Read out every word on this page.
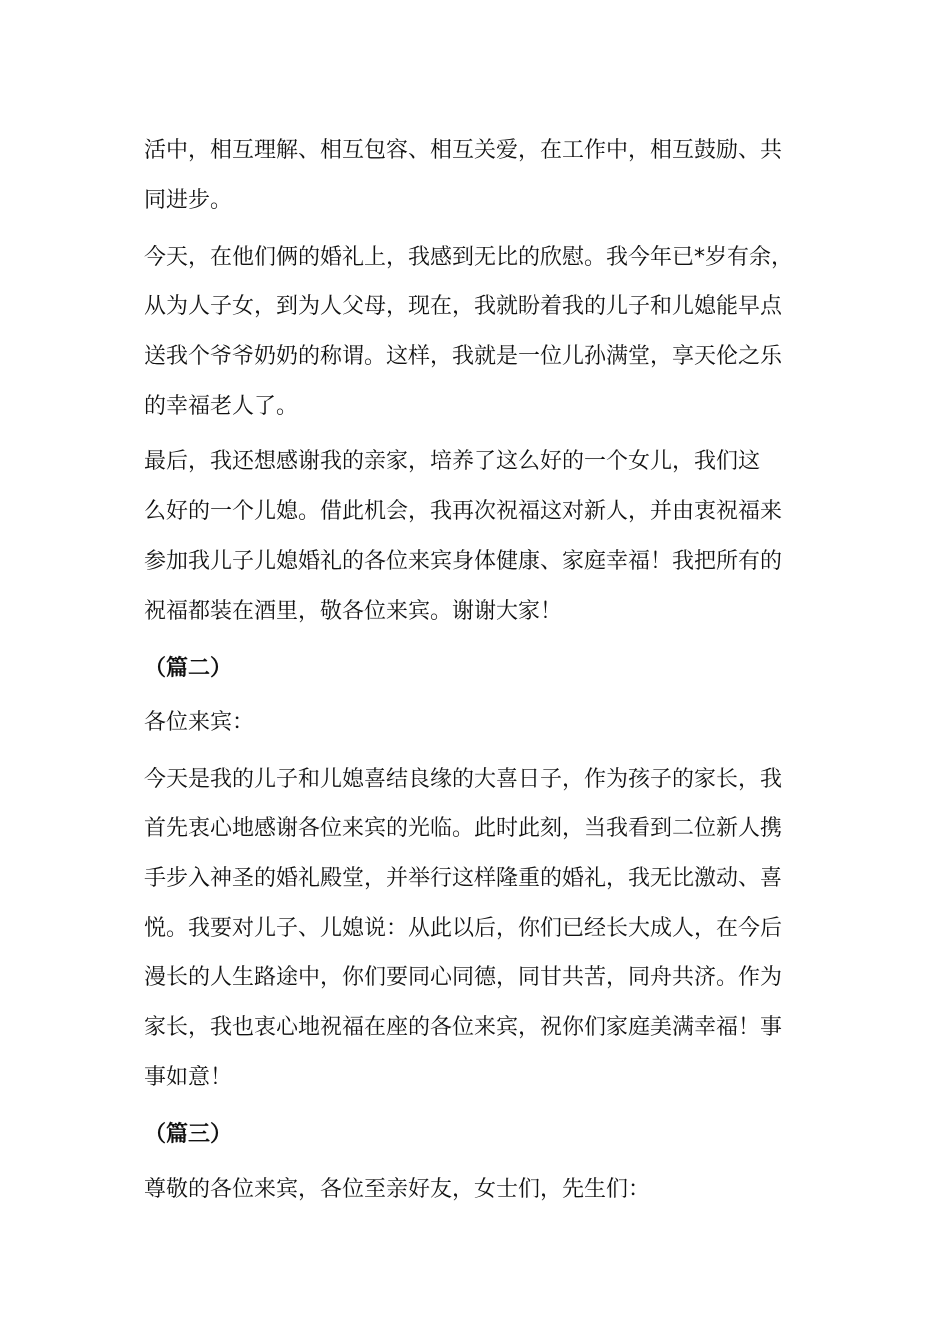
活中，相互理解、相互包容、相互关爱，在工作中，相互鼓励、共
同进步。
今天，在他们俩的婚礼上，我感到无比的欣慰。我今年已*岁有余，
从为人子女，到为人父母，现在，我就盼着我的儿子和儿媳能早点
送我个爷爷奶奶的称谓。这样，我就是一位儿孙满堂，享天伦之乐
的幸福老人了。
最后，我还想感谢我的亲家，培养了这么好的一个女儿，我们这
么好的一个儿媳。借此机会，我再次祝福这对新人，并由衷祝福来
参加我儿子儿媳婚礼的各位来宾身体健康、家庭幸福！我把所有的
祝福都装在酒里，敬各位来宾。谢谢大家！
（篇二）
各位来宾：
今天是我的儿子和儿媳喜结良缘的大喜日子，作为孩子的家长，我
首先衷心地感谢各位来宾的光临。此时此刻，当我看到二位新人携
手步入神圣的婚礼殿堂，并举行这样隆重的婚礼，我无比激动、喜
悦。我要对儿子、儿媳说：从此以后，你们已经长大成人，在今后
漫长的人生路途中，你们要同心同德，同甘共苦，同舟共济。作为
家长，我也衷心地祝福在座的各位来宾，祝你们家庭美满幸福！事
事如意！
（篇三）
尊敬的各位来宾，各位至亲好友，女士们，先生们：
